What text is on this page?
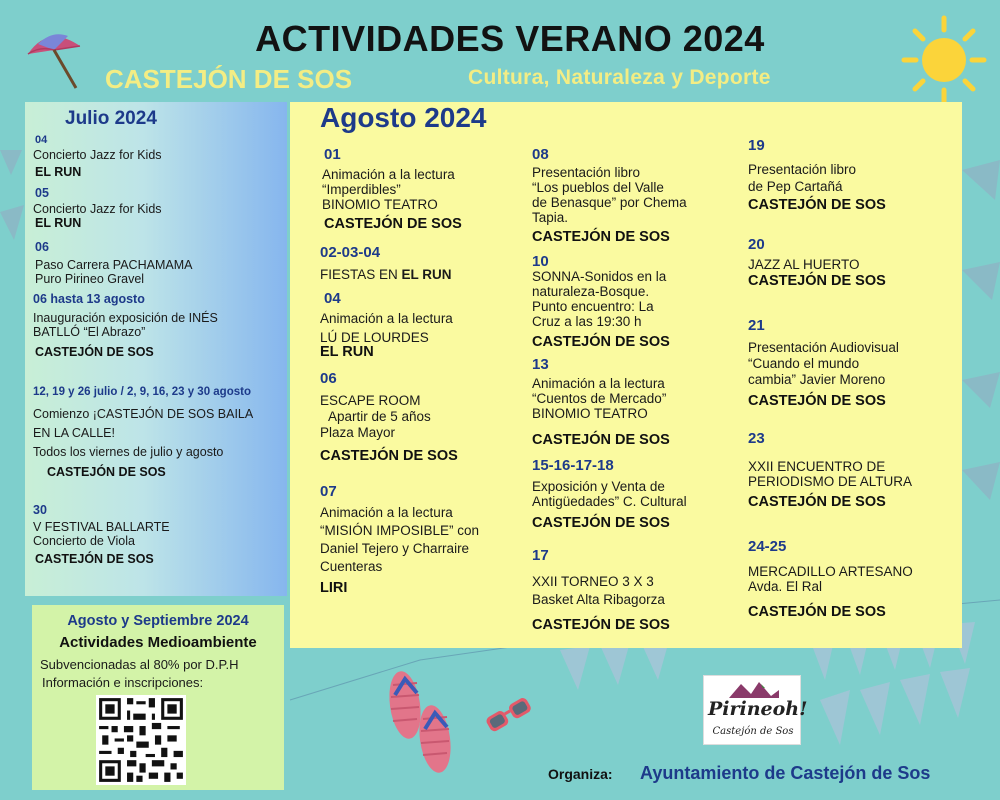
ACTIVIDADES VERANO 2024
CASTEJÓN DE SOS	Cultura, Naturaleza y Deporte
Julio 2024
04
Concierto Jazz for Kids
EL RUN
05
Concierto Jazz for Kids
EL RUN
06
Paso Carrera PACHAMAMA
Puro Pirineo Gravel
06 hasta 13 agosto
Inauguración exposición de INÉS
BATLLÓ “El Abrazo”
CASTEJÓN DE SOS
12, 19 y 26 julio / 2, 9, 16, 23 y 30 agosto
Comienzo ¡CASTEJÓN DE SOS BAILA
EN LA CALLE!
Todos los viernes de julio y agosto
CASTEJÓN DE SOS
30
V FESTIVAL BALLARTE
Concierto de Viola
CASTEJÓN DE SOS
Agosto 2024
01
Animación a la lectura
“Imperdibles”
BINOMIO TEATRO
CASTEJÓN DE SOS
02-03-04
FIESTAS EN EL RUN
04
Animación a la lectura
LÚ DE LOURDES
EL RUN
06
ESCAPE ROOM
Apartir de 5 años
Plaza Mayor
CASTEJÓN DE SOS
07
Animación a la lectura
“MISIÓN IMPOSIBLE” con
Daniel Tejero y Charraire
Cuenteras
LIRI
08
Presentación libro
“Los pueblos del Valle
de Benasque” por Chema
Tapia.
CASTEJÓN DE SOS
10
SONNA-Sonidos en la
naturaleza-Bosque.
Punto encuentro: La
Cruz a las 19:30 h
CASTEJÓN DE SOS
13
Animación a la lectura
“Cuentos de Mercado”
BINOMIO TEATRO
CASTEJÓN DE SOS
15-16-17-18
Exposición y Venta de
Antigüedades” C. Cultural
CASTEJÓN DE SOS
17
XXII TORNEO 3 X 3
Basket Alta Ribagorza
CASTEJÓN DE SOS
19
Presentación libro
de Pep Cartañá
CASTEJÓN DE SOS
20
JAZZ AL HUERTO
CASTEJÓN DE SOS
21
Presentación Audiovisual
“Cuando el mundo
cambia” Javier Moreno
CASTEJÓN DE SOS
23
XXII ENCUENTRO DE
PERIODISMO DE ALTURA
CASTEJÓN DE SOS
24-25
MERCADILLO ARTESANO
Avda. El Ral
CASTEJÓN DE SOS
Agosto y Septiembre 2024
Actividades Medioambiente
Subvencionadas al 80% por D.P.H
Información e inscripciones:
Pirineoh!
Castejón de Sos
Organiza: Ayuntamiento de Castejón de Sos
